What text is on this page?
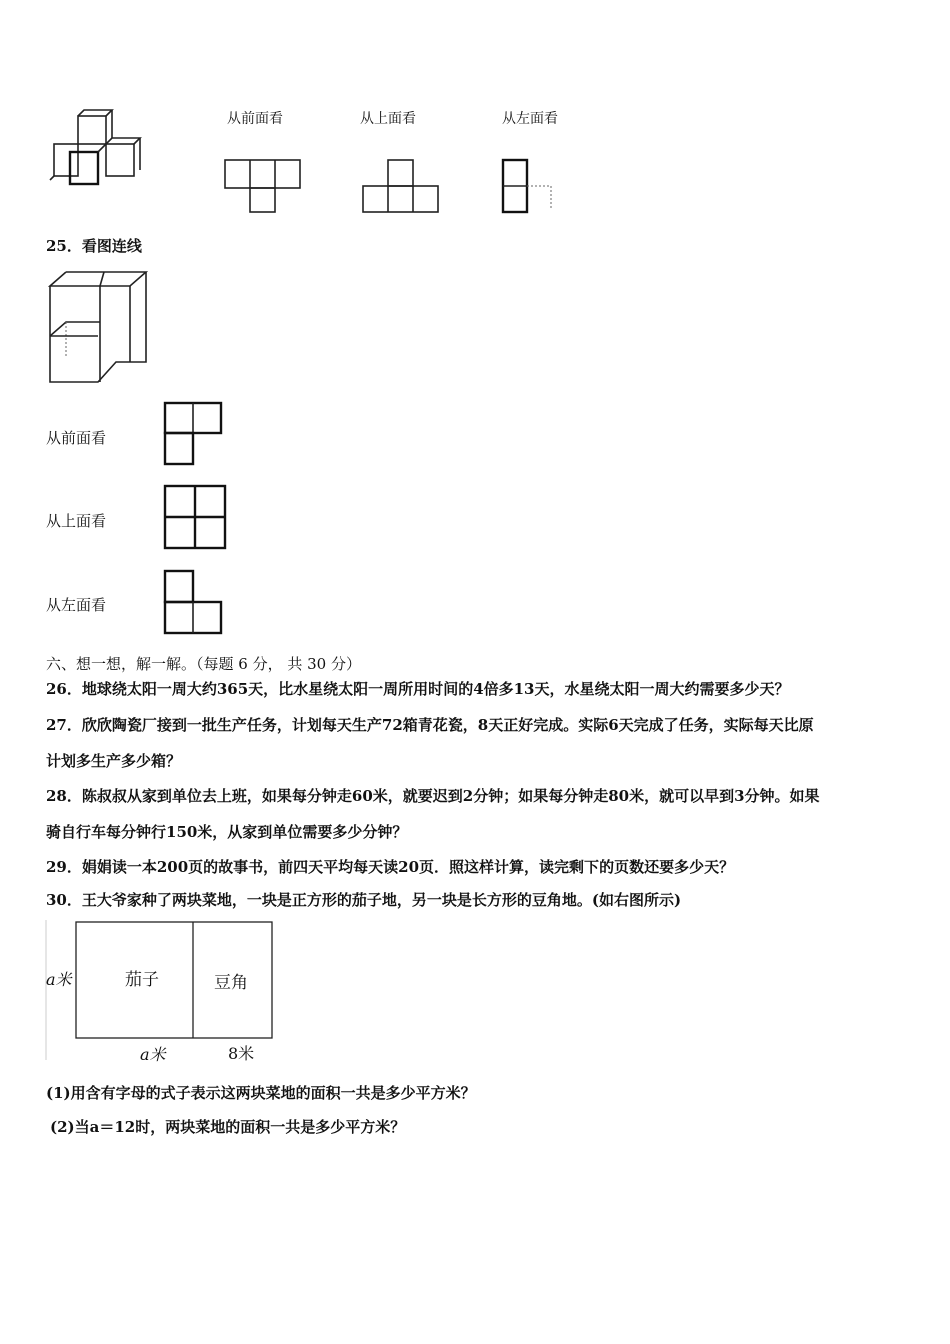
从前面看	从上面看	从左面看
25．看图连线
从前面看
从上面看
从左面看
六、想一想，解一解。（每题 6 分， 共 30 分）
26．地球绕太阳一周大约365天，比水星绕太阳一周所用时间的4倍多13天，水星绕太阳一周大约需要多少天？
27．欣欣陶瓷厂接到一批生产任务，计划每天生产72箱青花瓷，8天正好完成。实际6天完成了任务，实际每天比原
计划多生产多少箱？
28．陈叔叔从家到单位去上班，如果每分钟走60米，就要迟到2分钟；如果每分钟走80米，就可以早到3分钟。如果
骑自行车每分钟行150米，从家到单位需要多少分钟？
29．娟娟读一本200页的故事书，前四天平均每天读20页．照这样计算，读完剩下的页数还要多少天？
30．王大爷家种了两块菜地，一块是正方形的茄子地，另一块是长方形的豆角地。(如右图所示)
茄子	豆角
a米
a米	8米
(1)用含有字母的式子表示这两块菜地的面积一共是多少平方米？
(2)当a＝12时，两块菜地的面积一共是多少平方米？
